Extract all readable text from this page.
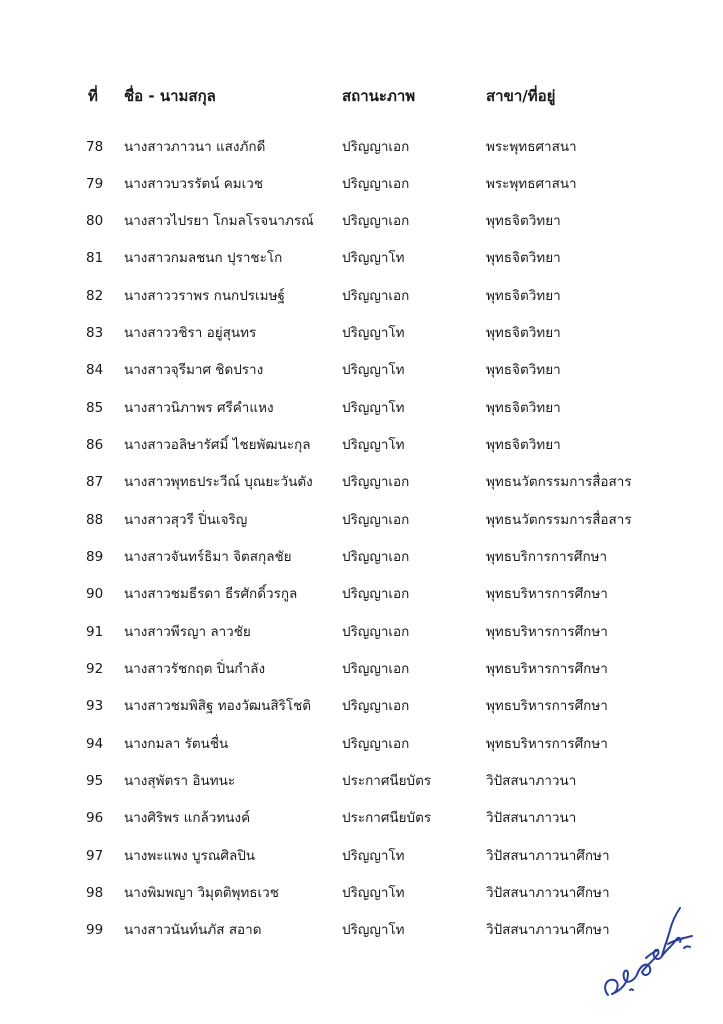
ที่ ชื่อ - นามสกุล	สถานะภาพ	สาขา/ที่อยู่
78 นางสาวภาวนา แสงภักดี	ปริญญาเอก	พระพุทธศาสนา
79 นางสาวบวรรัตน์ คมเวช	ปริญญาเอก	พระพุทธศาสนา
80 นางสาวไปรยา โกมลโรจนาภรณ์ ปริญญาเอก	พุทธจิตวิทยา
81 นางสาวกมลชนก ปุราชะโก	ปริญญาโท	พุทธจิตวิทยา
82 นางสาววราพร กนกปรเมษฐ์	ปริญญาเอก	พุทธจิตวิทยา
83 นางสาววชิรา อยู่สุนทร	ปริญญาโท	พุทธจิตวิทยา
84 นางสาวจุรีมาศ ชิดปราง	ปริญญาโท	พุทธจิตวิทยา
85 นางสาวนิภาพร ศรีคำแหง	ปริญญาโท	พุทธจิตวิทยา
86 นางสาวอลิษารัศมิ์ ไชยพัฒนะกุล ปริญญาโท	พุทธจิตวิทยา
87 นางสาวพุทธประวีณ์ บุณยะวันตัง ปริญญาเอก	พุทธนวัตกรรมการสื่อสาร
88 นางสาวสุวรี ปิ่นเจริญ	ปริญญาเอก	พุทธนวัตกรรมการสื่อสาร
89 นางสาวจันทร์ธิมา จิตสกุลชัย	ปริญญาเอก	พุทธบริการการศึกษา
90 นางสาวชมธีรดา ธีรศักดิ์วรกูล	ปริญญาเอก	พุทธบริหารการศึกษา
91 นางสาวพีรญา ลาวชัย	ปริญญาเอก	พุทธบริหารการศึกษา
92 นางสาวรัชกฤต ปิ่นกำลัง	ปริญญาเอก	พุทธบริหารการศึกษา
93 นางสาวชมพิสิฐ ทองวัฒนสิริโชติ ปริญญาเอก	พุทธบริหารการศึกษา
94 นางกมลา รัตนชื่น	ปริญญาเอก	พุทธบริหารการศึกษา
95 นางสุพัตรา อินทนะ	ประกาศนียบัตร	วิปัสสนาภาวนา
96 นางศิริพร แกล้วทนงค์	ประกาศนียบัตร	วิปัสสนาภาวนา
97 นางพะแพง บูรณศิลปิน	ปริญญาโท	วิปัสสนาภาวนาศึกษา
98 นางพิมพญา วิมุตติพุทธเวช	ปริญญาโท	วิปัสสนาภาวนาศึกษา
99 นางสาวนันท์นภัส สอาด	ปริญญาโท	วิปัสสนาภาวนาศึกษา
